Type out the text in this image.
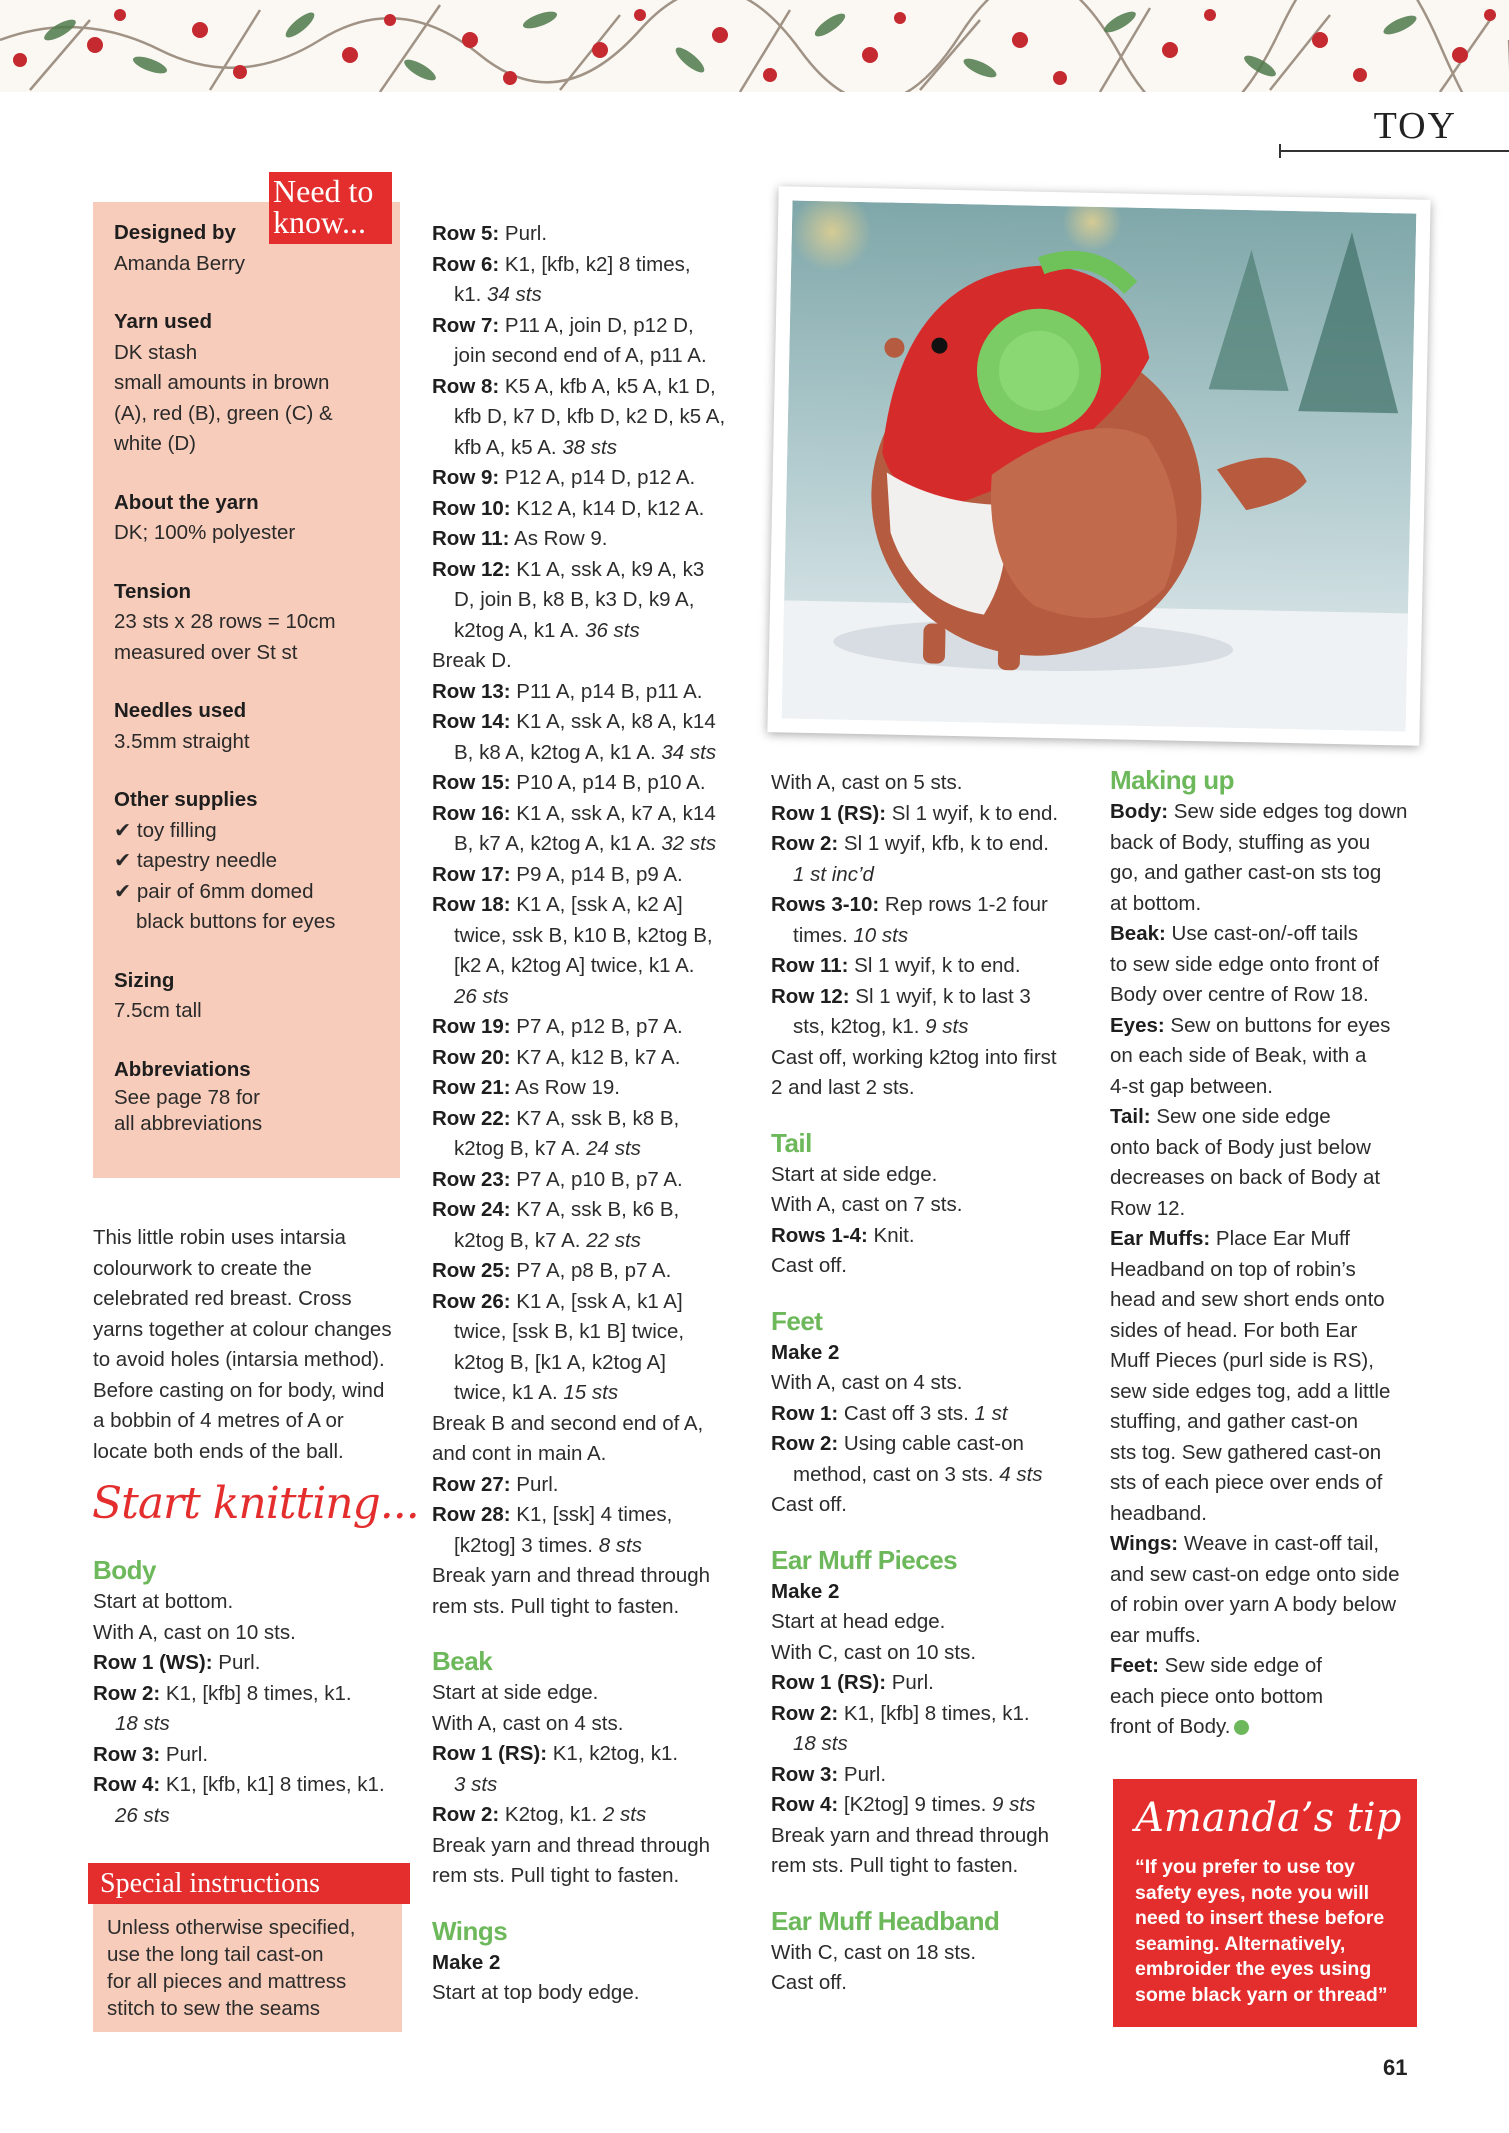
TOY
Need to know...
Designed by

Amanda Berry

Yarn used

DK stash

small amounts in brown

(A), red (B), green (C) &

white (D)

About the yarn

DK; 100% polyester

Tension

23 sts x 28 rows = 10cm

measured over St st

Needles used

3.5mm straight

Other supplies

✔ toy filling

✔ tapestry needle

✔ pair of 6mm domed

black buttons for eyes

Sizing

7.5cm tall

Abbreviations

See page 78 for

all abbreviations

This little robin uses intarsia

colourwork to create the

celebrated red breast. Cross

yarns together at colour changes

to avoid holes (intarsia method).

Before casting on for body, wind

a bobbin of 4 metres of A or

locate both ends of the ball.

Start knitting...
Body

Start at bottom.

With A, cast on 10 sts.

Row 1 (WS): Purl.

Row 2: K1, [kfb] 8 times, k1.

18 sts

Row 3: Purl.

Row 4: K1, [kfb, k1] 8 times, k1.

26 sts

Special instructions

Unless otherwise specified,

use the long tail cast-on

for all pieces and mattress

stitch to sew the seams

Row 5: Purl.

Row 6: K1, [kfb, k2] 8 times,

k1. 34 sts

Row 7: P11 A, join D, p12 D,

join second end of A, p11 A.

Row 8: K5 A, kfb A, k5 A, k1 D,

kfb D, k7 D, kfb D, k2 D, k5 A,

kfb A, k5 A. 38 sts

Row 9: P12 A, p14 D, p12 A.

Row 10: K12 A, k14 D, k12 A.

Row 11: As Row 9.

Row 12: K1 A, ssk A, k9 A, k3

D, join B, k8 B, k3 D, k9 A,

k2tog A, k1 A. 36 sts

Break D.

Row 13: P11 A, p14 B, p11 A.

Row 14: K1 A, ssk A, k8 A, k14

B, k8 A, k2tog A, k1 A. 34 sts

Row 15: P10 A, p14 B, p10 A.

Row 16: K1 A, ssk A, k7 A, k14

B, k7 A, k2tog A, k1 A. 32 sts

Row 17: P9 A, p14 B, p9 A.

Row 18: K1 A, [ssk A, k2 A]

twice, ssk B, k10 B, k2tog B,

[k2 A, k2tog A] twice, k1 A.

26 sts

Row 19: P7 A, p12 B, p7 A.

Row 20: K7 A, k12 B, k7 A.

Row 21: As Row 19.

Row 22: K7 A, ssk B, k8 B,

k2tog B, k7 A. 24 sts

Row 23: P7 A, p10 B, p7 A.

Row 24: K7 A, ssk B, k6 B,

k2tog B, k7 A. 22 sts

Row 25: P7 A, p8 B, p7 A.

Row 26: K1 A, [ssk A, k1 A]

twice, [ssk B, k1 B] twice,

k2tog B, [k1 A, k2tog A]

twice, k1 A. 15 sts

Break B and second end of A,

and cont in main A.

Row 27: Purl.

Row 28: K1, [ssk] 4 times,

[k2tog] 3 times. 8 sts

Break yarn and thread through

rem sts. Pull tight to fasten.

Beak

Start at side edge.

With A, cast on 4 sts.

Row 1 (RS): K1, k2tog, k1.

3 sts

Row 2: K2tog, k1. 2 sts

Break yarn and thread through

rem sts. Pull tight to fasten.

Wings

Make 2

Start at top body edge.

With A, cast on 5 sts.

Row 1 (RS): Sl 1 wyif, k to end.

Row 2: Sl 1 wyif, kfb, k to end.

1 st inc’d

Rows 3-10: Rep rows 1-2 four

times. 10 sts

Row 11: Sl 1 wyif, k to end.

Row 12: Sl 1 wyif, k to last 3

sts, k2tog, k1. 9 sts

Cast off, working k2tog into first

2 and last 2 sts.

Tail

Start at side edge.

With A, cast on 7 sts.

Rows 1-4: Knit.

Cast off.

Feet

Make 2

With A, cast on 4 sts.

Row 1: Cast off 3 sts. 1 st

Row 2: Using cable cast-on

method, cast on 3 sts. 4 sts

Cast off.

Ear Muff Pieces

Make 2

Start at head edge.

With C, cast on 10 sts.

Row 1 (RS): Purl.

Row 2: K1, [kfb] 8 times, k1.

18 sts

Row 3: Purl.

Row 4: [K2tog] 9 times. 9 sts

Break yarn and thread through

rem sts. Pull tight to fasten.

Ear Muff Headband

With C, cast on 18 sts.

Cast off.

Making up

Body: Sew side edges tog down

back of Body, stuffing as you

go, and gather cast-on sts tog

at bottom.

Beak: Use cast-on/-off tails

to sew side edge onto front of

Body over centre of Row 18.

Eyes: Sew on buttons for eyes

on each side of Beak, with a

4-st gap between.

Tail: Sew one side edge

onto back of Body just below

decreases on back of Body at

Row 12.

Ear Muffs: Place Ear Muff

Headband on top of robin’s

head and sew short ends onto

sides of head. For both Ear

Muff Pieces (purl side is RS),

sew side edges tog, add a little

stuffing, and gather cast-on

sts tog. Sew gathered cast-on

sts of each piece over ends of

headband.

Wings: Weave in cast-off tail,

and sew cast-on edge onto side

of robin over yarn A body below

ear muffs.

Feet: Sew side edge of

each piece onto bottom

front of Body.

Amanda’s tip

“If you prefer to use toy safety eyes, note you will need to insert these before seaming. Alternatively, embroider the eyes using some black yarn or thread”

61
